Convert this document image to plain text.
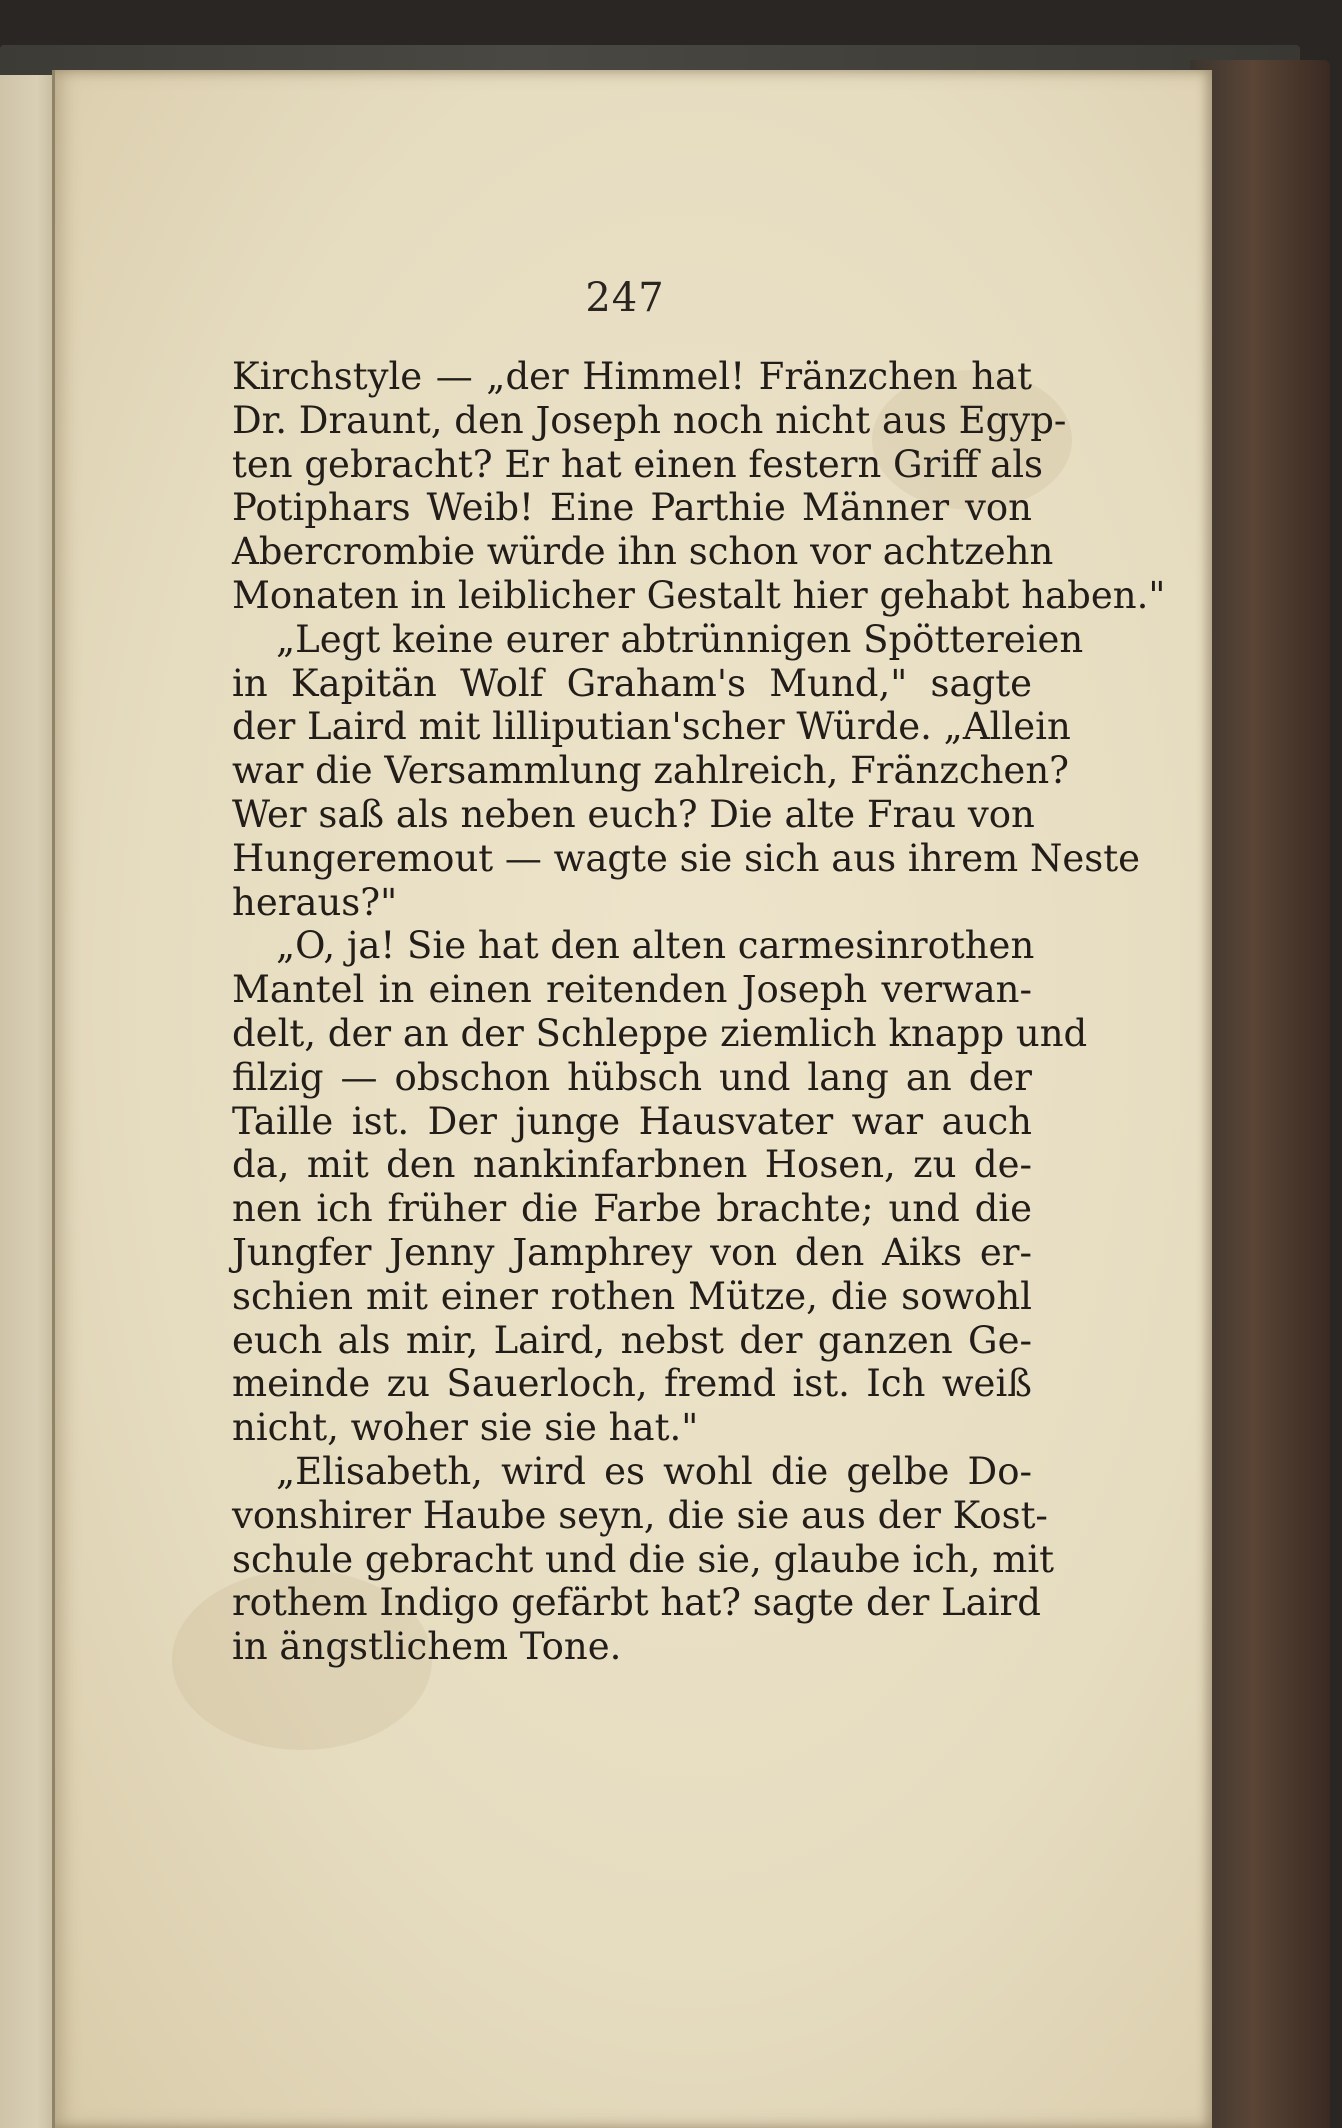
247
Kirchstyle — „der Himmel! Fränzchen hat
Dr. Draunt, den Joseph noch nicht aus Egyp-
ten gebracht? Er hat einen festern Griff als
Potiphars Weib! Eine Parthie Männer von
Abercrombie würde ihn schon vor achtzehn
Monaten in leiblicher Gestalt hier gehabt haben."
„Legt keine eurer abtrünnigen Spöttereien
in Kapitän Wolf Graham's Mund," sagte
der Laird mit lilliputian'scher Würde. „Allein
war die Versammlung zahlreich, Fränzchen?
Wer saß als neben euch? Die alte Frau von
Hungeremout — wagte sie sich aus ihrem Neste
heraus?"
„O, ja! Sie hat den alten carmesinrothen
Mantel in einen reitenden Joseph verwan-
delt, der an der Schleppe ziemlich knapp und
filzig — obschon hübsch und lang an der
Taille ist. Der junge Hausvater war auch
da, mit den nankinfarbnen Hosen, zu de-
nen ich früher die Farbe brachte; und die
Jungfer Jenny Jamphrey von den Aiks er-
schien mit einer rothen Mütze, die sowohl
euch als mir, Laird, nebst der ganzen Ge-
meinde zu Sauerloch, fremd ist. Ich weiß
nicht, woher sie sie hat."
„Elisabeth, wird es wohl die gelbe Do-
vonshirer Haube seyn, die sie aus der Kost-
schule gebracht und die sie, glaube ich, mit
rothem Indigo gefärbt hat? sagte der Laird
in ängstlichem Tone.
